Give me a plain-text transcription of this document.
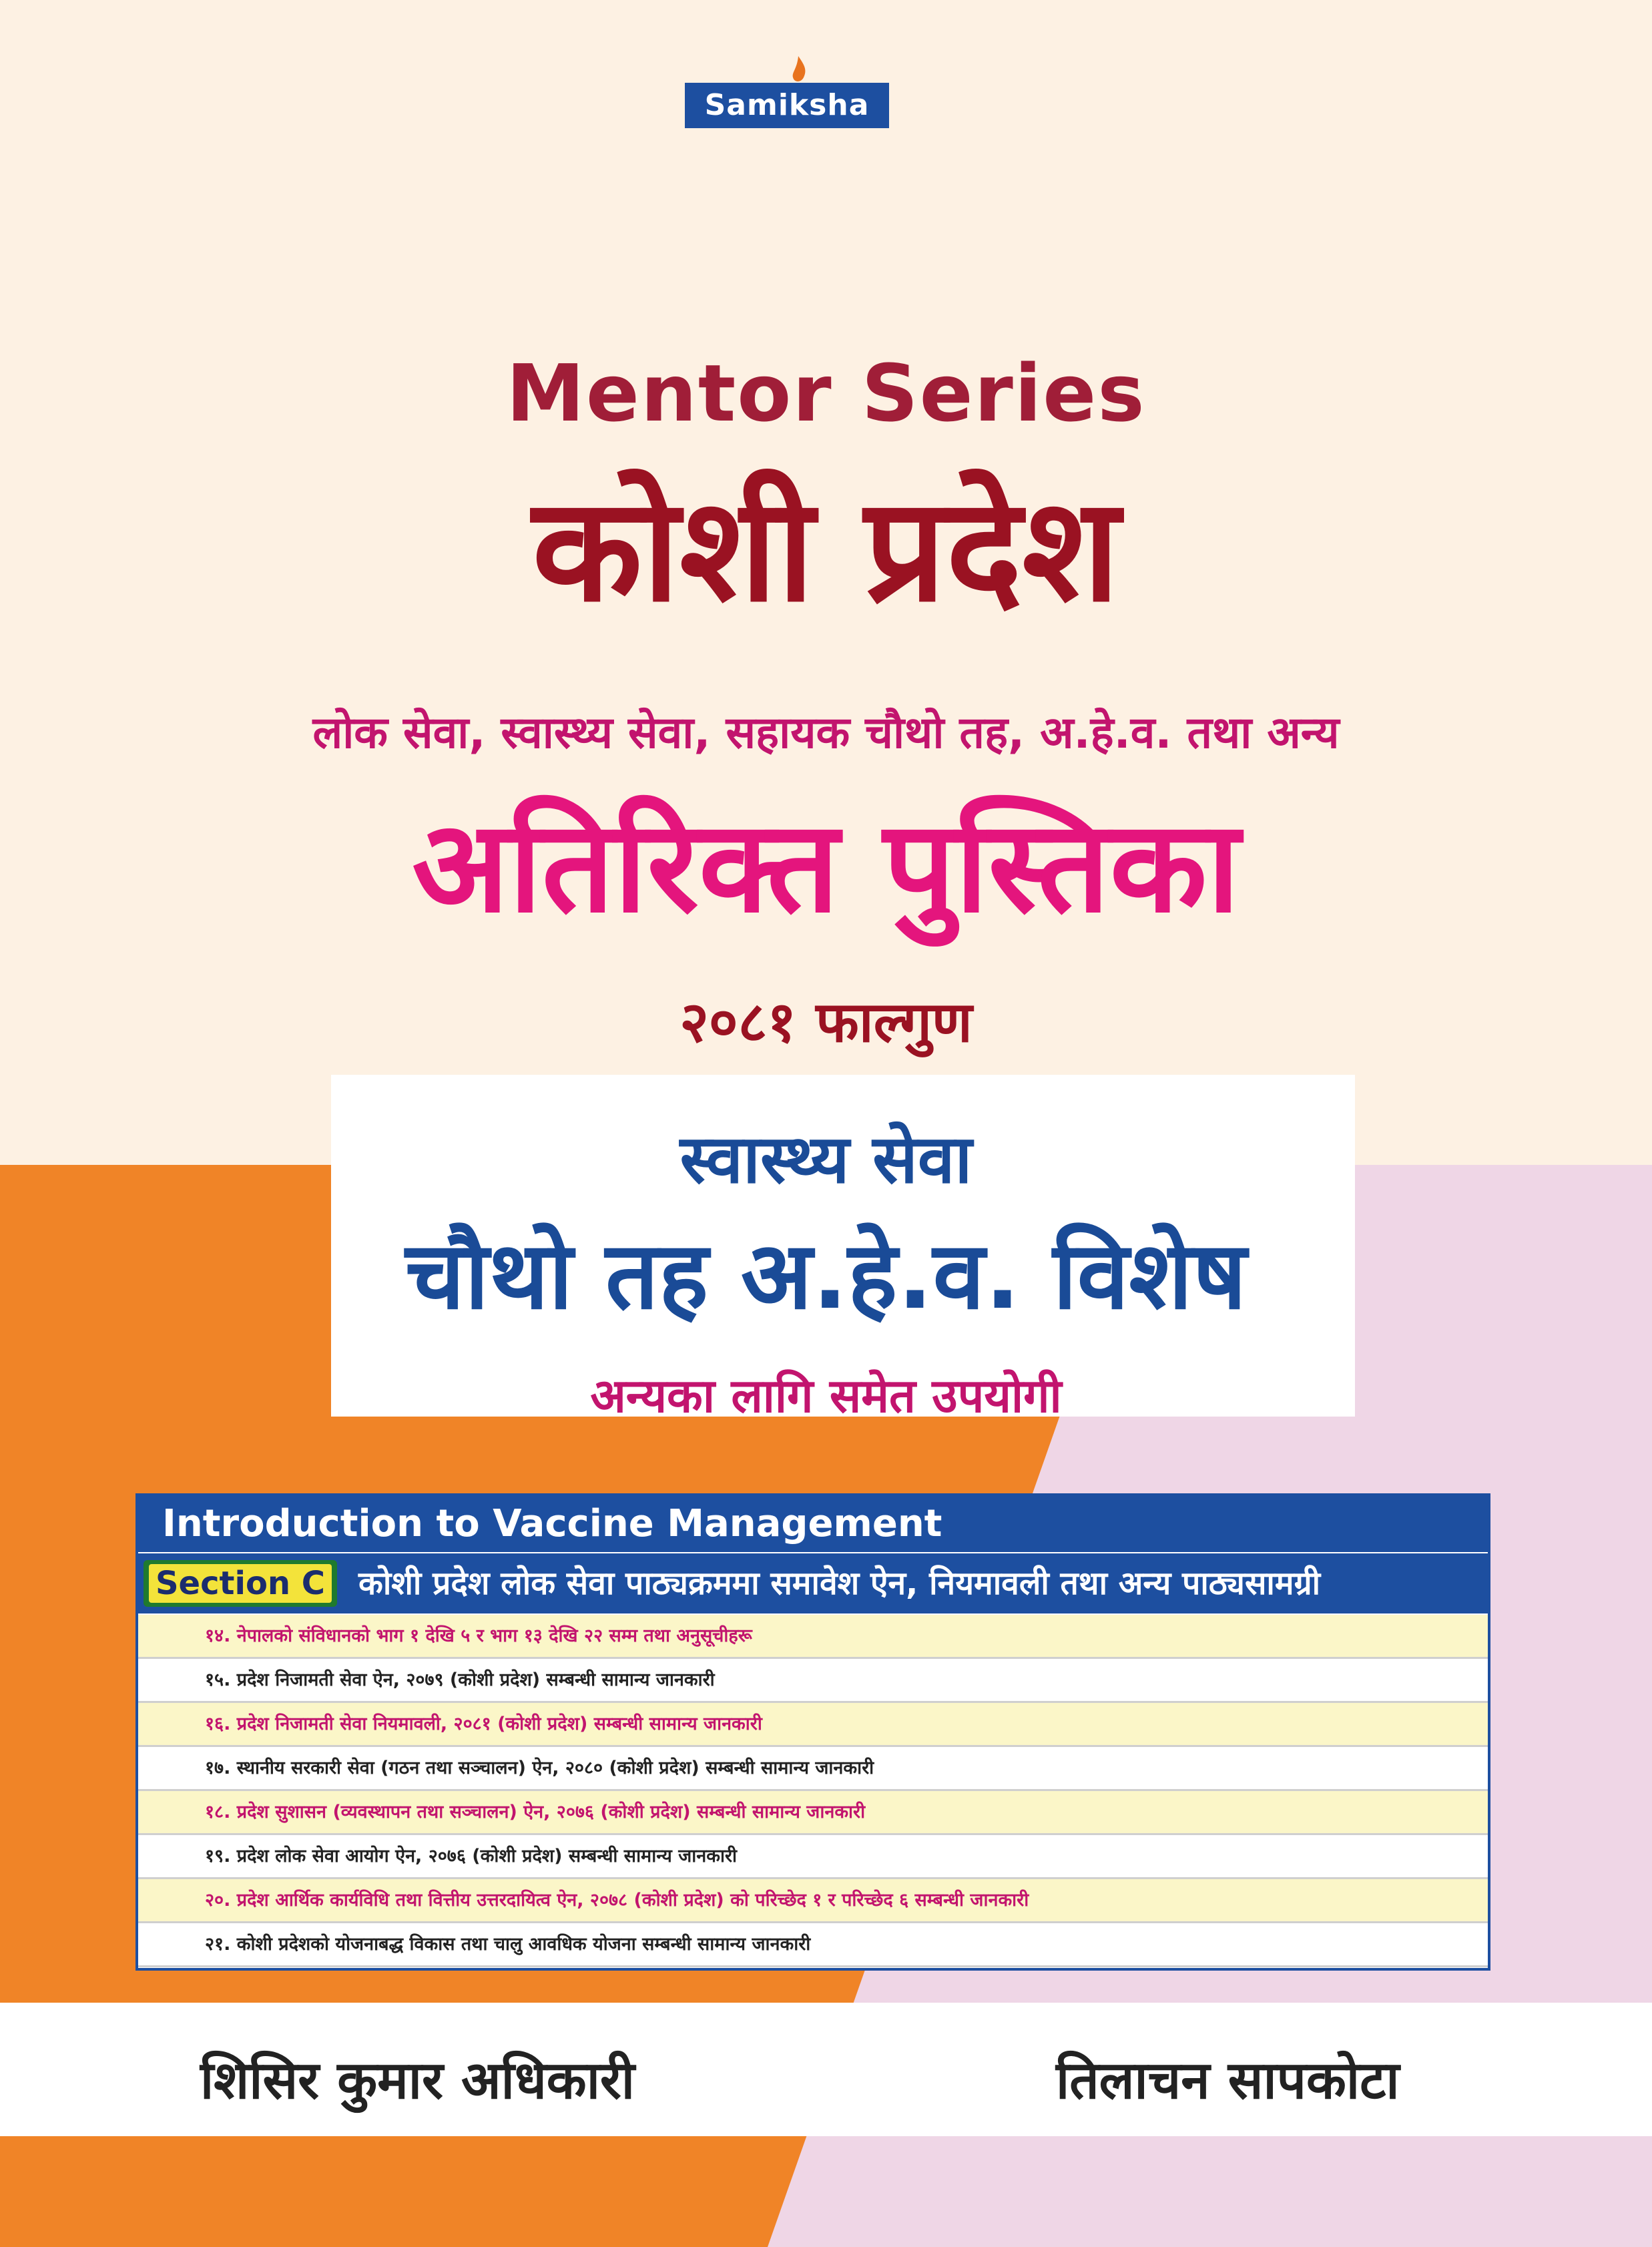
Samiksha
Mentor Series
कोशी प्रदेश
लोक सेवा, स्वास्थ्य सेवा, सहायक चौथो तह, अ.हे.व. तथा अन्य
अतिरिक्त पुस्तिका
२०८१ फाल्गुण
स्वास्थ्य सेवा
चौथो तह अ.हे.व. विशेष
अन्यका लागि समेत उपयोगी
Introduction to Vaccine Management
Section C कोशी प्रदेश लोक सेवा पाठ्यक्रममा समावेश ऐन, नियमावली तथा अन्य पाठ्यसामग्री
१४. नेपालको संविधानको भाग १ देखि ५ र भाग १३ देखि २२ सम्म तथा अनुसूचीहरू
१५. प्रदेश निजामती सेवा ऐन, २०७९ (कोशी प्रदेश) सम्बन्धी सामान्य जानकारी
१६. प्रदेश निजामती सेवा नियमावली, २०८१ (कोशी प्रदेश) सम्बन्धी सामान्य जानकारी
१७. स्थानीय सरकारी सेवा (गठन तथा सञ्चालन) ऐन, २०८० (कोशी प्रदेश) सम्बन्धी सामान्य जानकारी
१८. प्रदेश सुशासन (व्यवस्थापन तथा सञ्चालन) ऐन, २०७६ (कोशी प्रदेश) सम्बन्धी सामान्य जानकारी
१९. प्रदेश लोक सेवा आयोग ऐन, २०७६ (कोशी प्रदेश) सम्बन्धी सामान्य जानकारी
२०. प्रदेश आर्थिक कार्यविधि तथा वित्तीय उत्तरदायित्व ऐन, २०७८ (कोशी प्रदेश) को परिच्छेद १ र परिच्छेद ६ सम्बन्धी जानकारी
२१. कोशी प्रदेशको योजनाबद्ध विकास तथा चालु आवधिक योजना सम्बन्धी सामान्य जानकारी
शिसिर कुमार अधिकारी	तिलाचन सापकोटा
